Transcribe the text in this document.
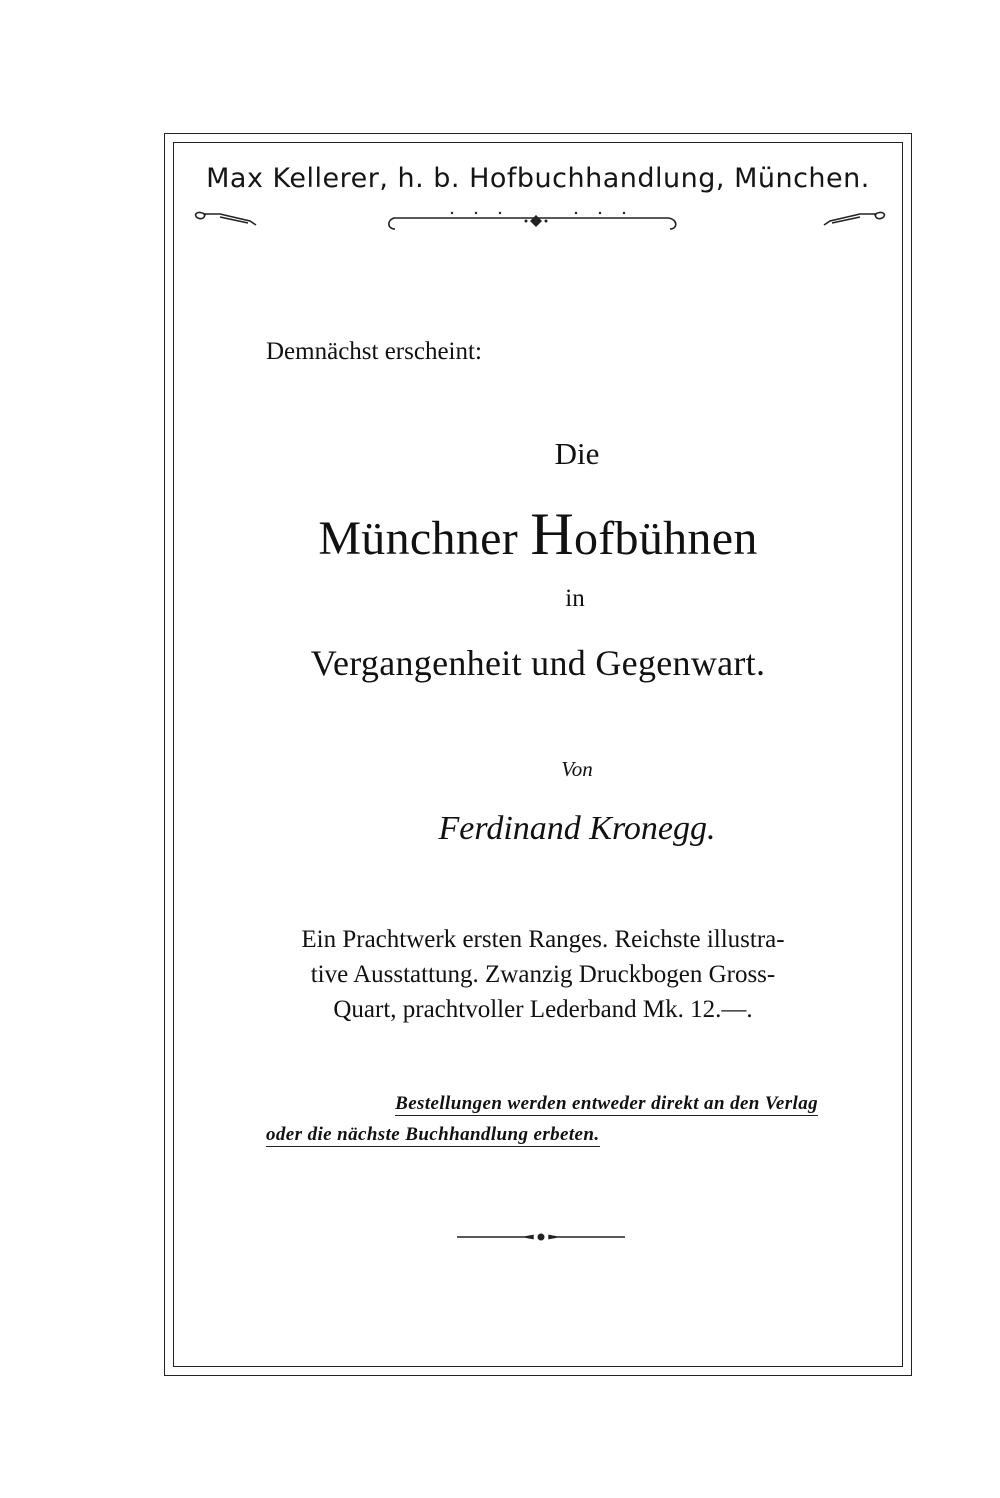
Max Kellerer, h. b. Hofbuchhandlung, München.
Demnächst erscheint:
Die
Münchner Hofbühnen
in
Vergangenheit und Gegenwart.
Von
Ferdinand Kronegg.
Ein Prachtwerk ersten Ranges. Reichste illustra-
tive Ausstattung. Zwanzig Druckbogen Gross-
Quart, prachtvoller Lederband Mk. 12.—.
Bestellungen werden entweder direkt an den Verlag
oder die nächste Buchhandlung erbeten.
